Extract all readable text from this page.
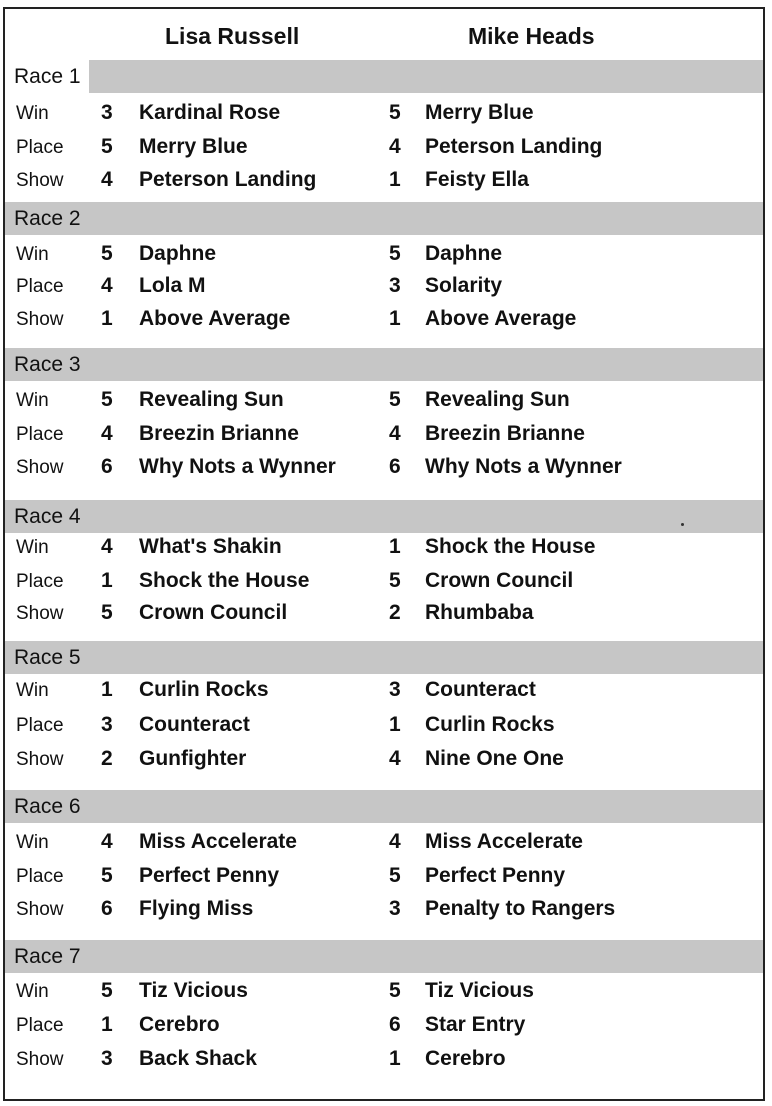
Lisa Russell	Mike Heads
Race 1
Win 3 Kardinal Rose	5 Merry Blue
Place 5 Merry Blue	4 Peterson Landing
Show 4 Peterson Landing	1 Feisty Ella
Race 2
Win 5 Daphne	5 Daphne
Place 4 Lola M	3 Solarity
Show 1 Above Average	1 Above Average
Race 3
Win 5 Revealing Sun	5 Revealing Sun
Place 4 Breezin Brianne	4 Breezin Brianne
Show 6 Why Nots a Wynner	6 Why Nots a Wynner
Race 4
Win 4 What's Shakin	1 Shock the House
Place 1 Shock the House	5 Crown Council
Show 5 Crown Council	2 Rhumbaba
Race 5
Win 1 Curlin Rocks	3 Counteract
Place 3 Counteract	1 Curlin Rocks
Show 2 Gunfighter	4 Nine One One
Race 6
Win 4 Miss Accelerate	4 Miss Accelerate
Place 5 Perfect Penny	5 Perfect Penny
Show 6 Flying Miss	3 Penalty to Rangers
Race 7
Win 5 Tiz Vicious	5 Tiz Vicious
Place 1 Cerebro	6 Star Entry
Show 3 Back Shack	1 Cerebro
